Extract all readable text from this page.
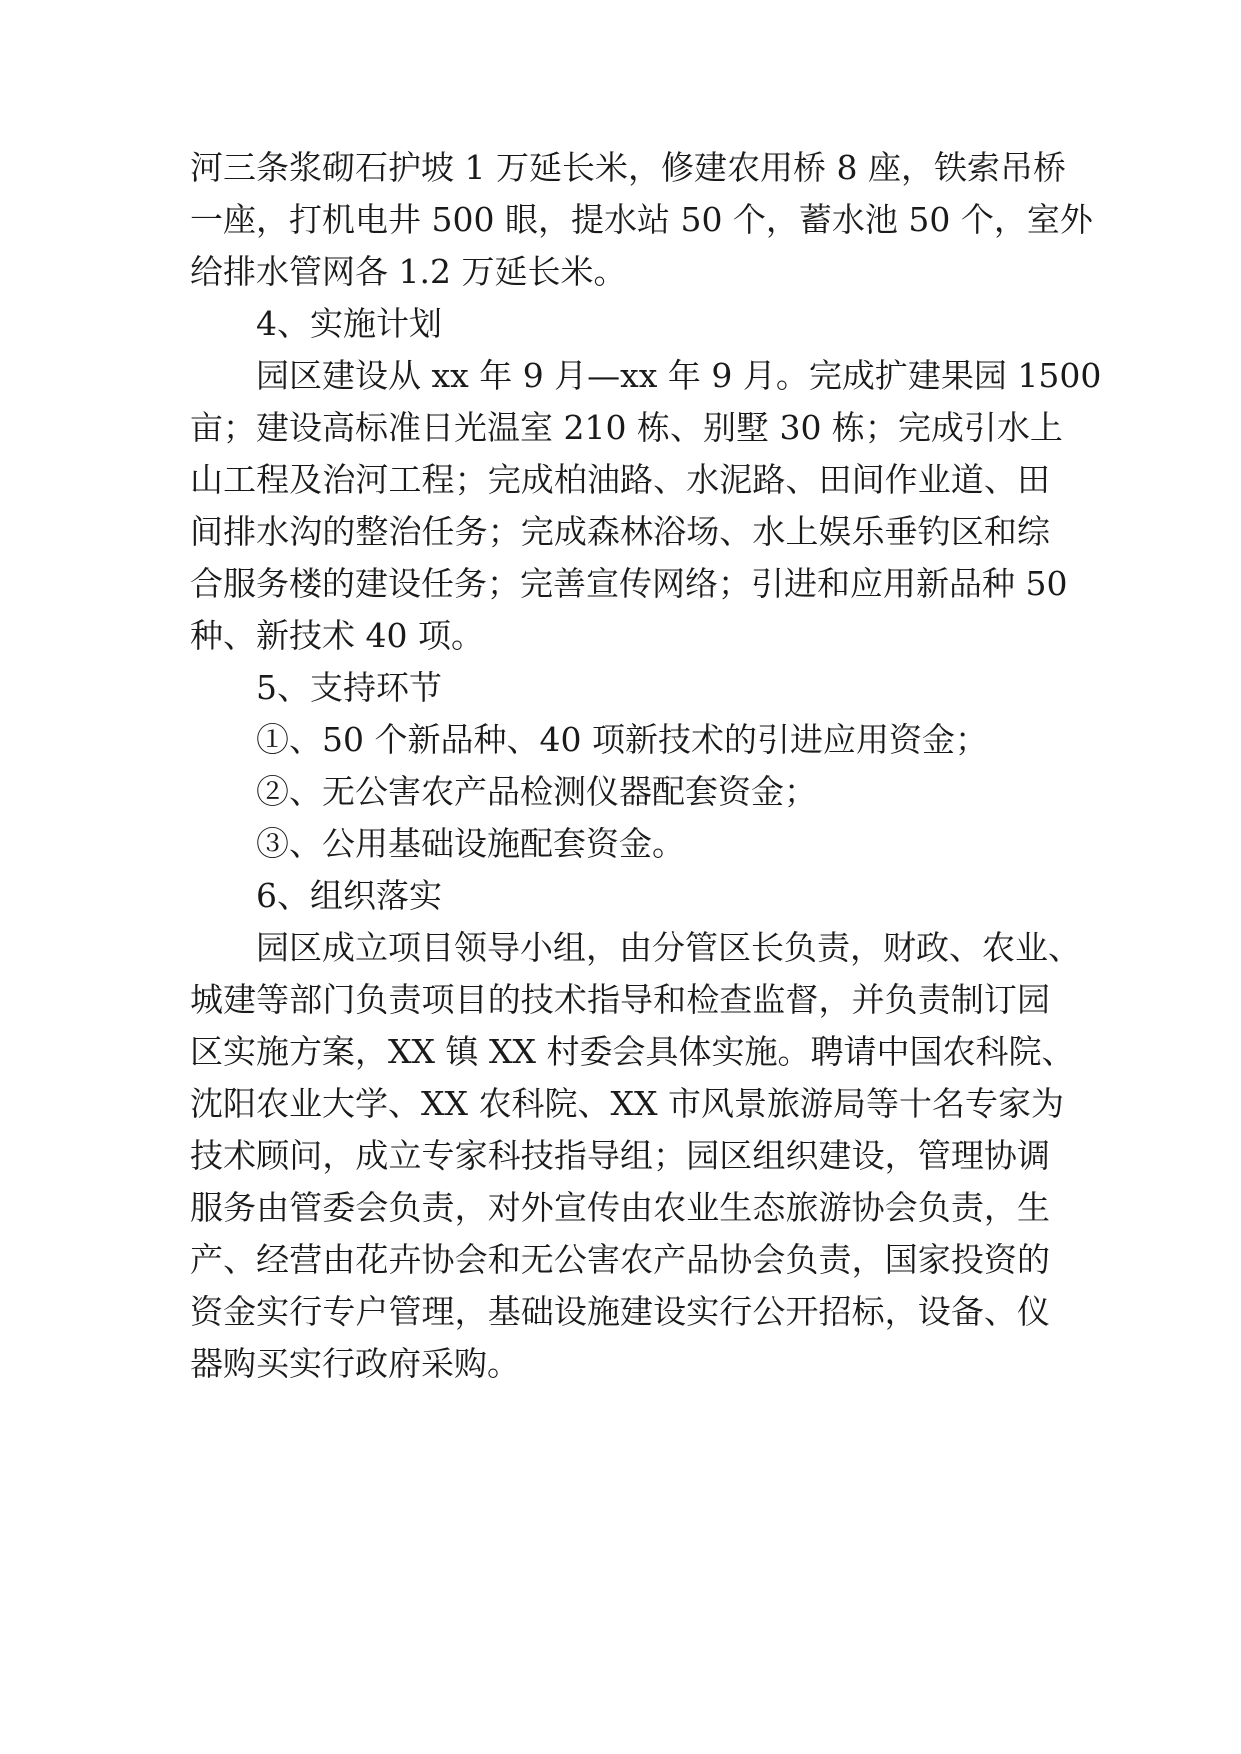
河三条浆砌石护坡 1 万延长米，修建农用桥 8 座，铁索吊桥
一座，打机电井 500 眼，提水站 50 个，蓄水池 50 个，室外
给排水管网各 1.2 万延长米。
4、实施计划
园区建设从 xx 年 9 月—xx 年 9 月。完成扩建果园 1500
亩；建设高标准日光温室 210 栋、别墅 30 栋；完成引水上
山工程及治河工程；完成柏油路、水泥路、田间作业道、田
间排水沟的整治任务；完成森林浴场、水上娱乐垂钓区和综
合服务楼的建设任务；完善宣传网络；引进和应用新品种 50
种、新技术 40 项。
5、支持环节
①、50 个新品种、40 项新技术的引进应用资金；
②、无公害农产品检测仪器配套资金；
③、公用基础设施配套资金。
6、组织落实
园区成立项目领导小组，由分管区长负责，财政、农业、
城建等部门负责项目的技术指导和检查监督，并负责制订园
区实施方案，XX 镇 XX 村委会具体实施。聘请中国农科院、
沈阳农业大学、XX 农科院、XX 市风景旅游局等十名专家为
技术顾问，成立专家科技指导组；园区组织建设，管理协调
服务由管委会负责，对外宣传由农业生态旅游协会负责，生
产、经营由花卉协会和无公害农产品协会负责，国家投资的
资金实行专户管理，基础设施建设实行公开招标，设备、仪
器购买实行政府采购。
